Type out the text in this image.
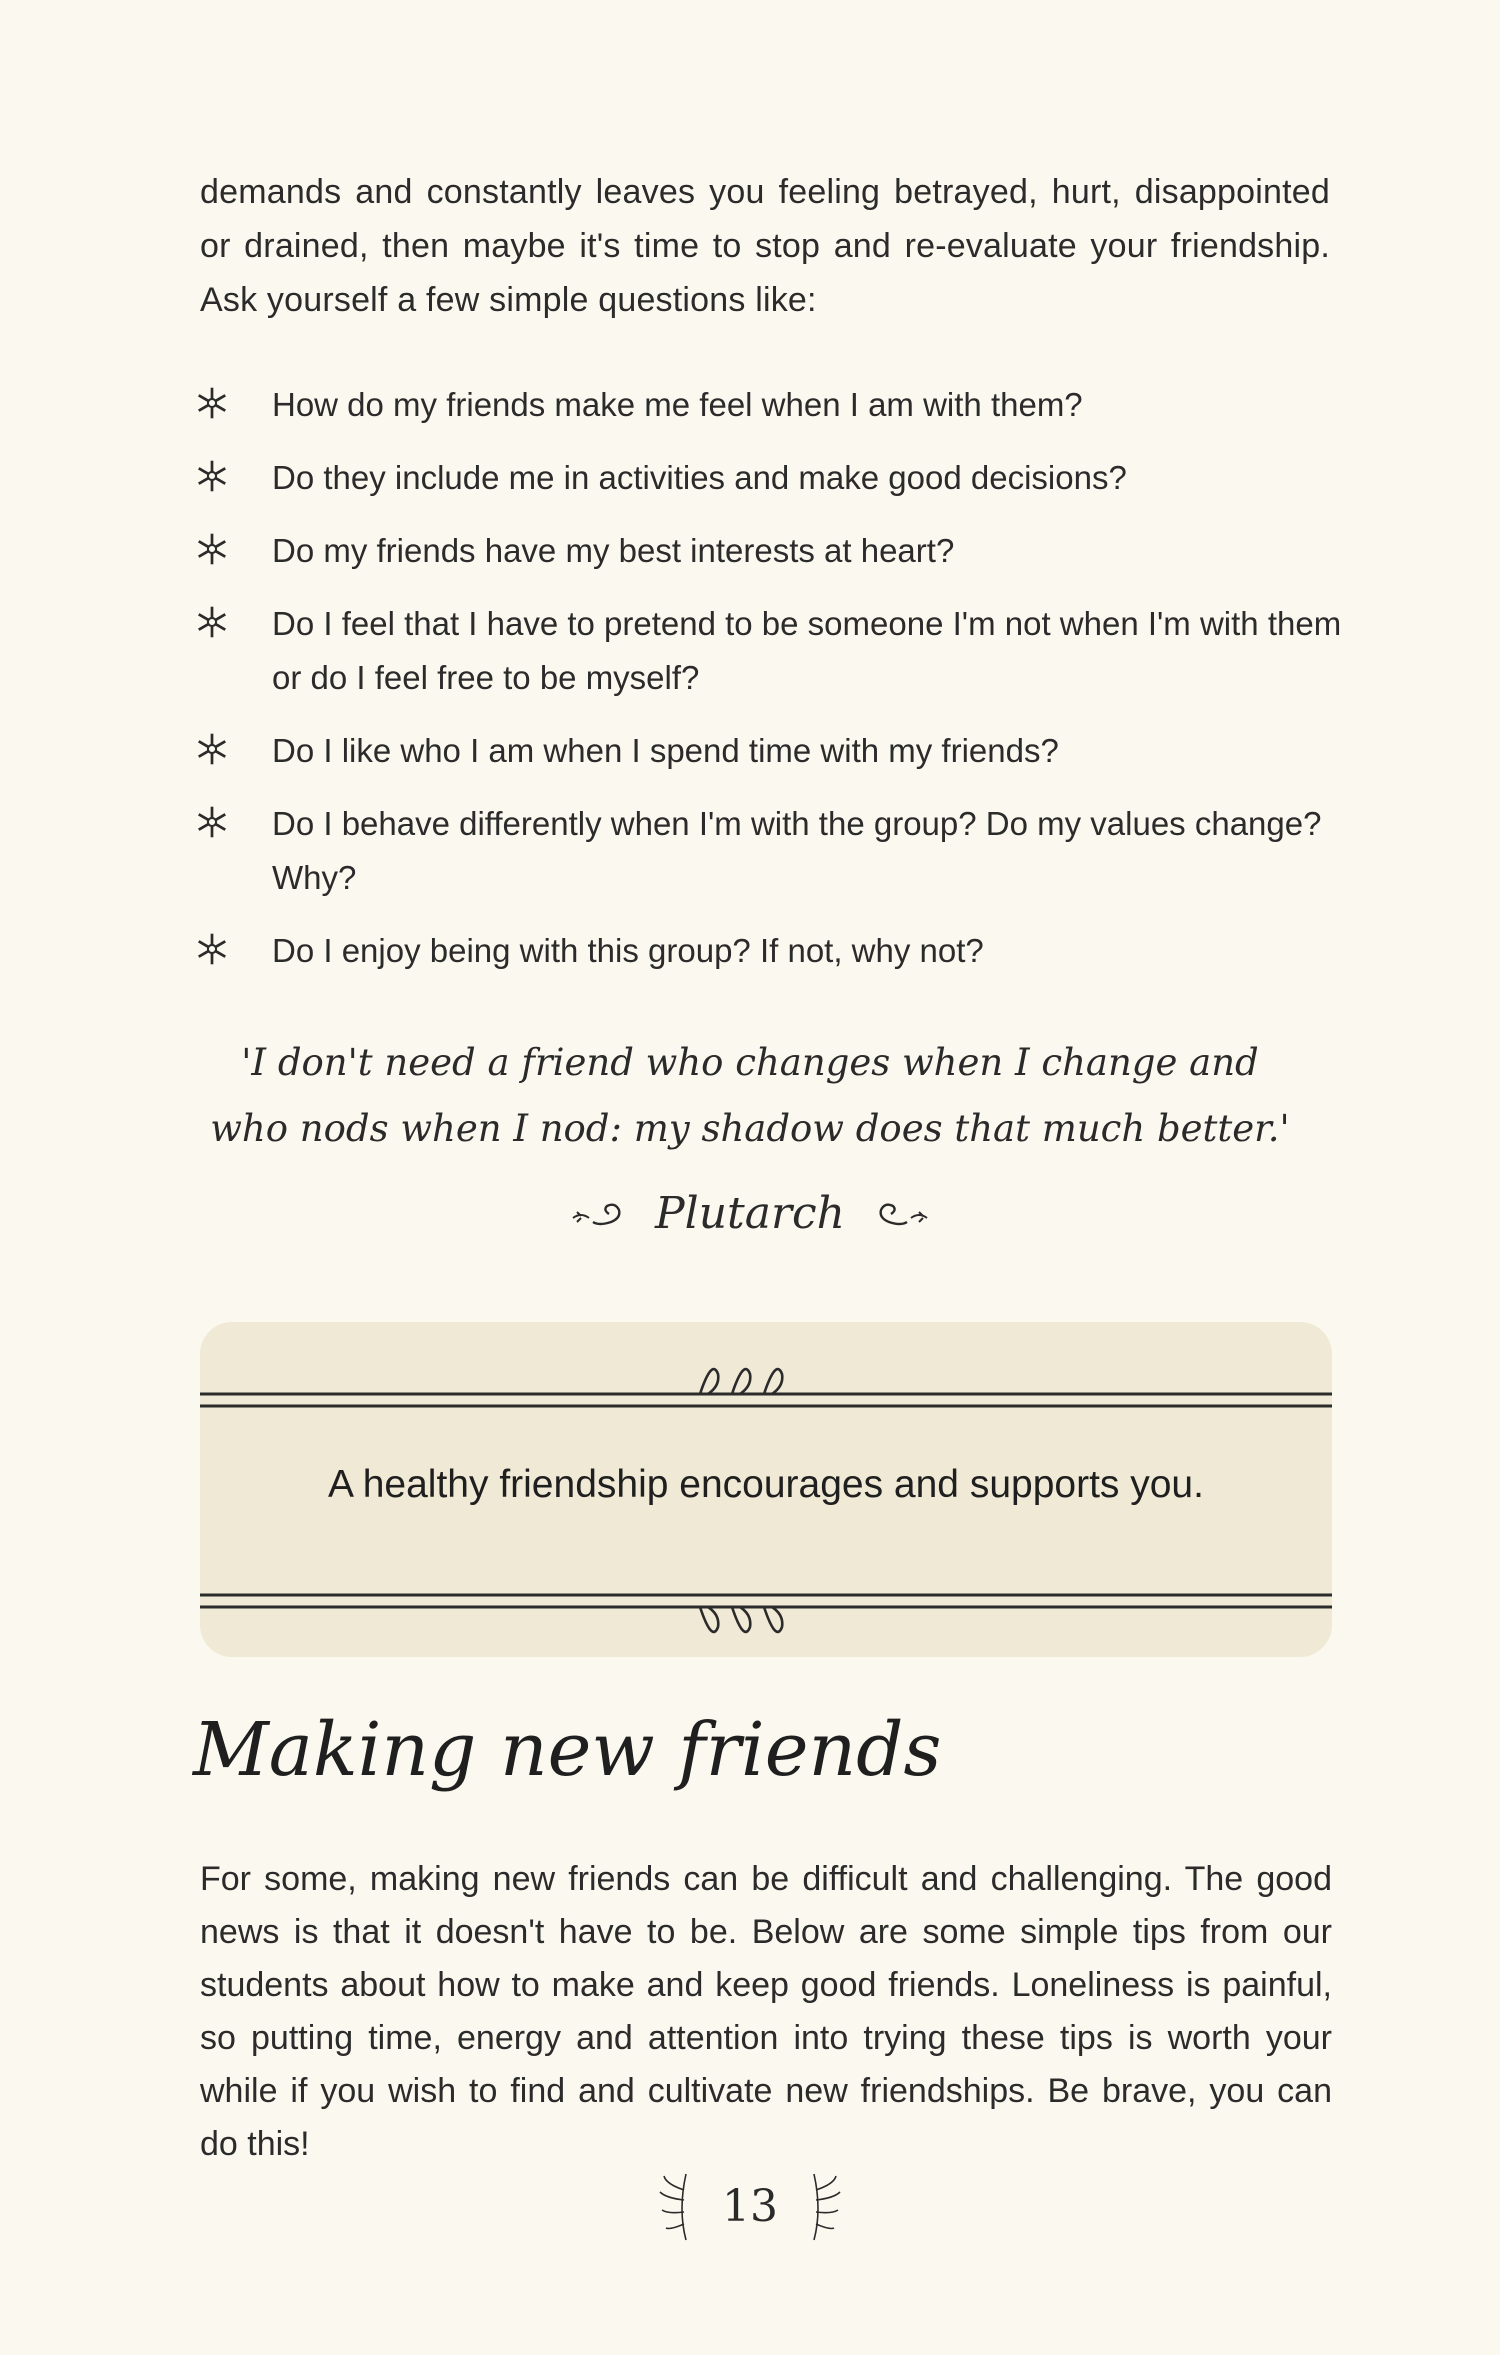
demands and constantly leaves you feeling betrayed, hurt, disappointed or drained, then maybe it's time to stop and re-evaluate your friendship. Ask yourself a few simple questions like:

How do my friends make me feel when I am with them?
Do they include me in activities and make good decisions?
Do my friends have my best interests at heart?
Do I feel that I have to pretend to be someone I'm not when I'm with them or do I feel free to be myself?
Do I like who I am when I spend time with my friends?
Do I behave differently when I'm with the group? Do my values change? Why?
Do I enjoy being with this group? If not, why not?

'I don't need a friend who changes when I change and
who nods when I nod: my shadow does that much better.'

Plutarch

A healthy friendship encourages and supports you.

Making new friends

For some, making new friends can be difficult and challenging. The good news is that it doesn't have to be. Below are some simple tips from our students about how to make and keep good friends. Loneliness is painful, so putting time, energy and attention into trying these tips is worth your while if you wish to find and cultivate new friendships. Be brave, you can do this!

13
